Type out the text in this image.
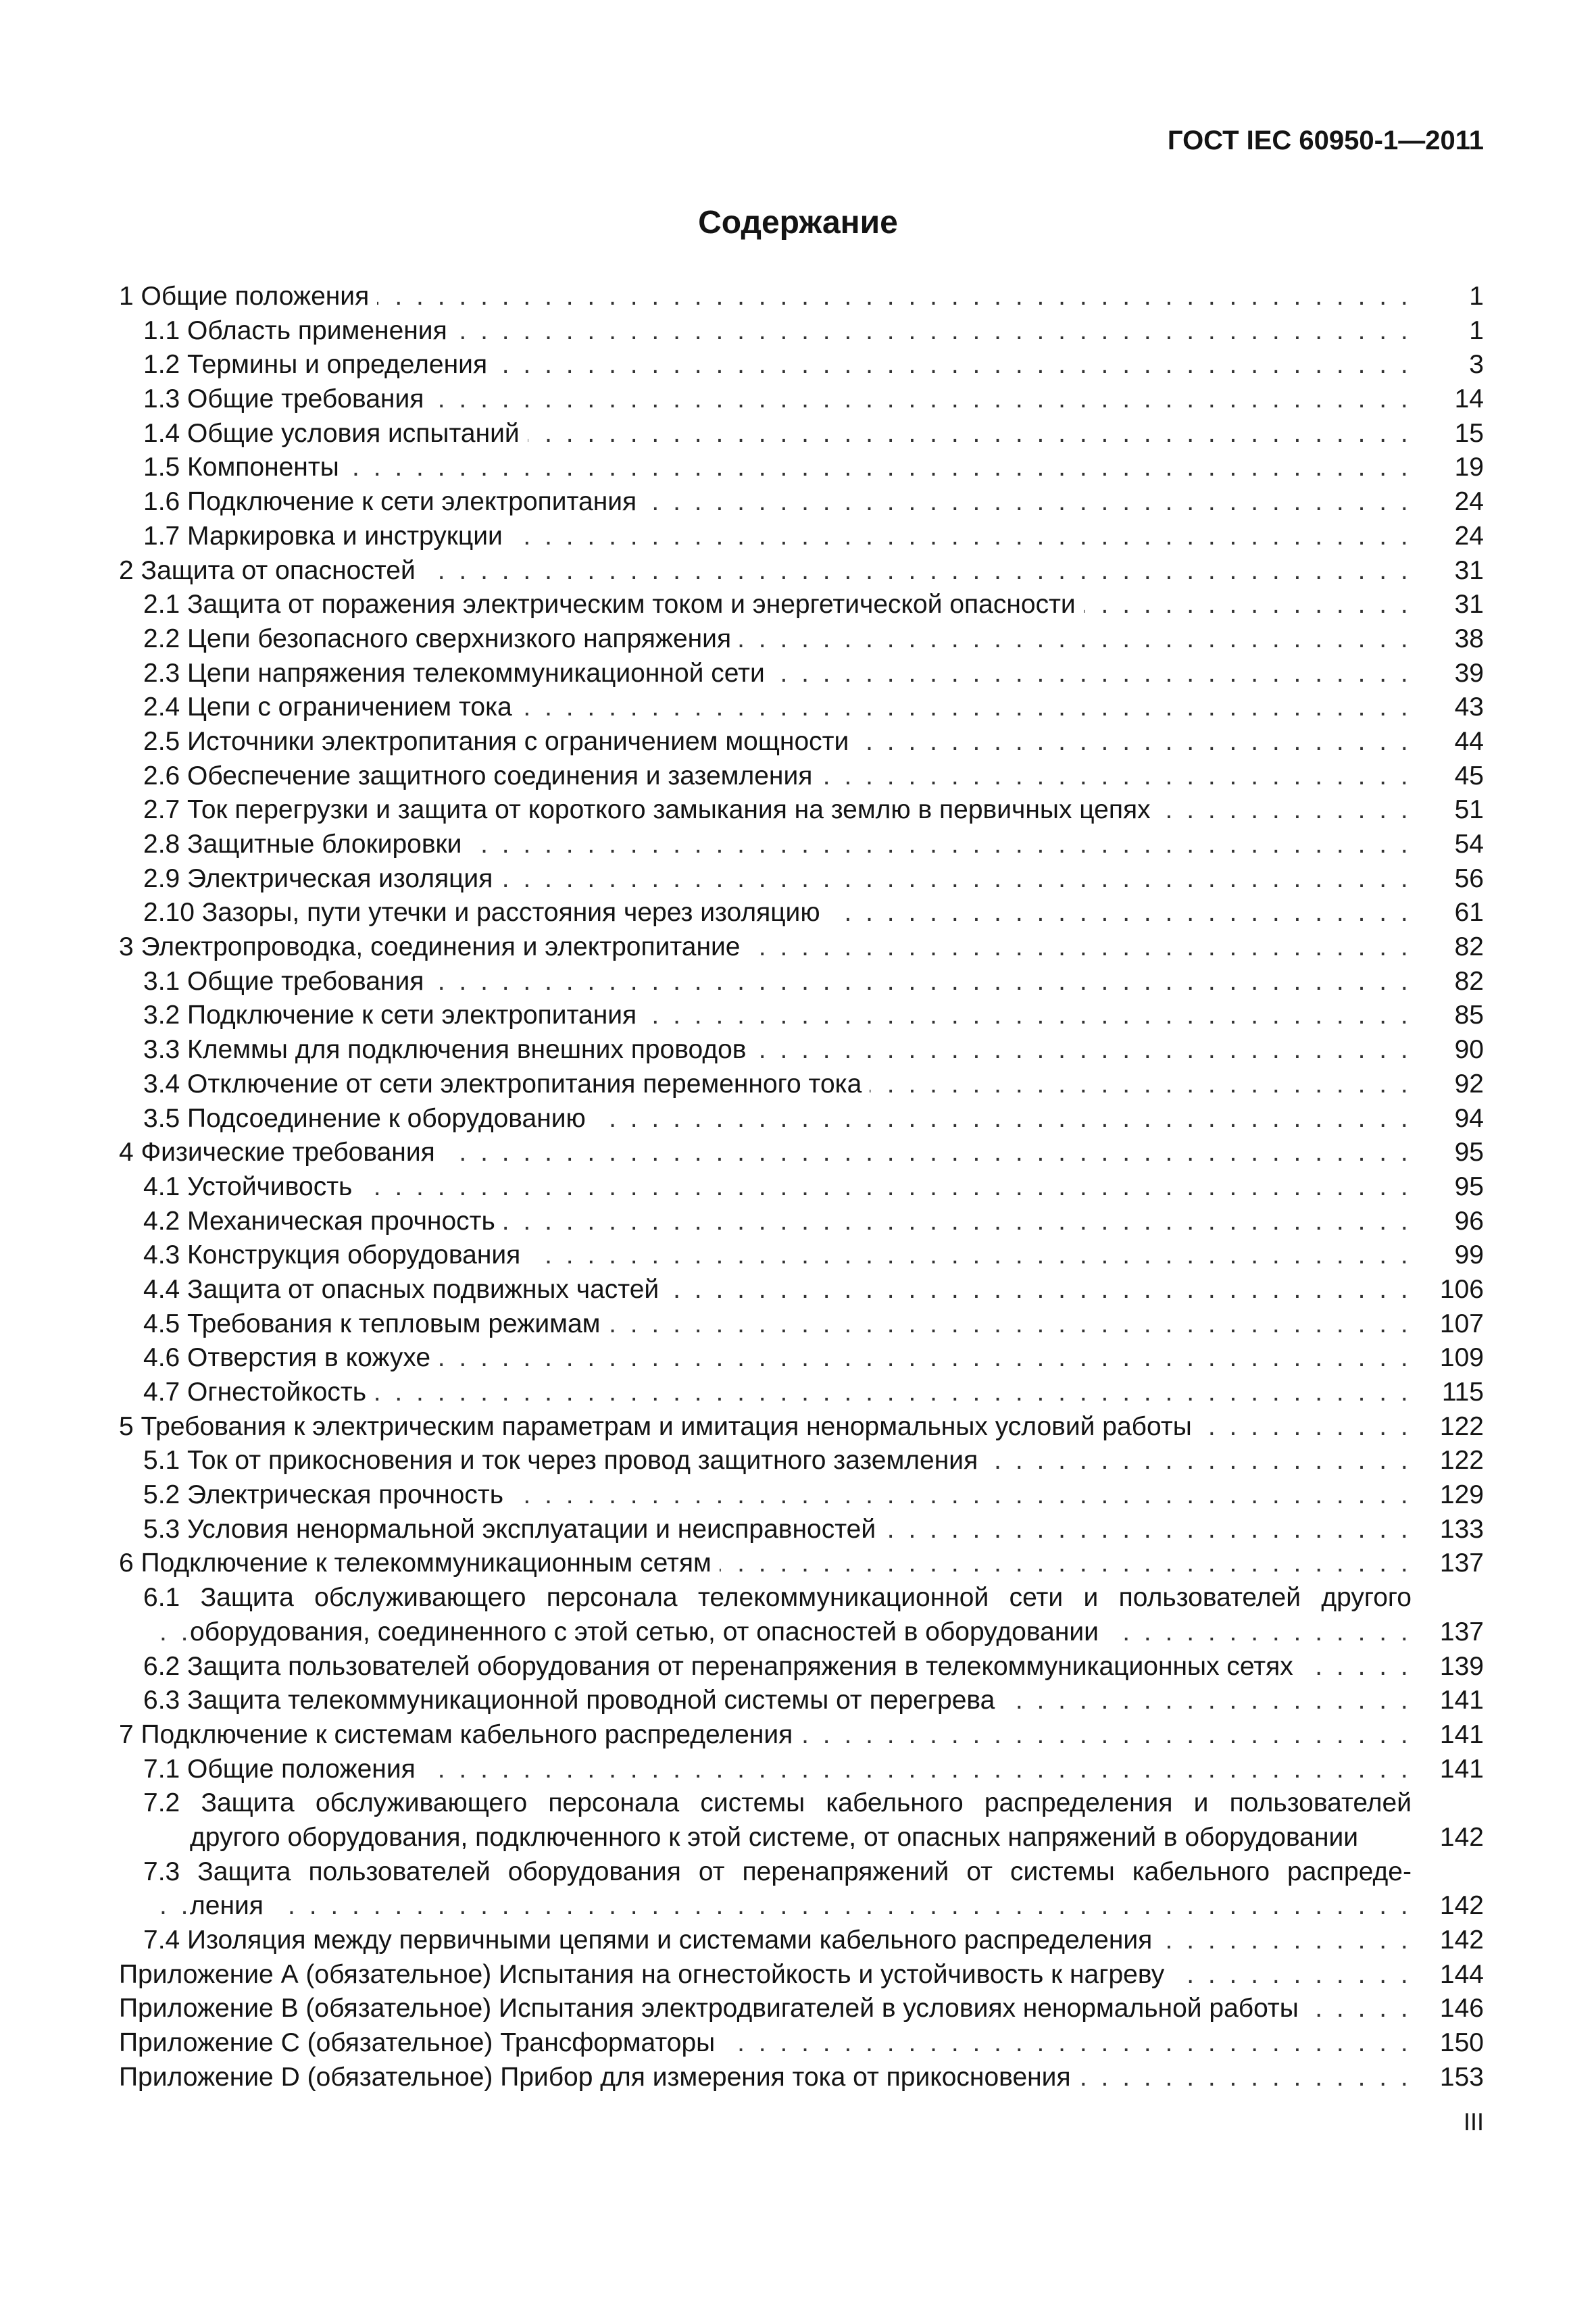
ГОСТ IEC 60950-1—2011
Содержание
1 Общие положения . . .	1
1.1 Область применения . . .	1
1.2 Термины и определения . . .	3
1.3 Общие требования . . .	14
1.4 Общие условия испытаний . . .	15
1.5 Компоненты . . .	19
1.6 Подключение к сети электропитания . . .	24
1.7 Маркировка и инструкции . . .	24
2 Защита от опасностей . . .	31
2.1 Защита от поражения электрическим током и энергетической опасности . . .	31
2.2 Цепи безопасного сверхнизкого напряжения . . .	38
2.3 Цепи напряжения телекоммуникационной сети . . .	39
2.4 Цепи с ограничением тока . . .	43
2.5 Источники электропитания с ограничением мощности . . .	44
2.6 Обеспечение защитного соединения и заземления . . .	45
2.7 Ток перегрузки и защита от короткого замыкания на землю в первичных цепях . . .	51
2.8 Защитные блокировки . . .	54
2.9 Электрическая изоляция . . .	56
2.10 Зазоры, пути утечки и расстояния через изоляцию . . .	61
3 Электропроводка, соединения и электропитание . . .	82
3.1 Общие требования . . .	82
3.2 Подключение к сети электропитания . . .	85
3.3 Клеммы для подключения внешних проводов . . .	90
3.4 Отключение от сети электропитания переменного тока . . .	92
3.5 Подсоединение к оборудованию . . .	94
4 Физические требования . . .	95
4.1 Устойчивость . . .	95
4.2 Механическая прочность . . .	96
4.3 Конструкция оборудования . . .	99
4.4 Защита от опасных подвижных частей . . .	106
4.5 Требования к тепловым режимам . . .	107
4.6 Отверстия в кожухе . . .	109
4.7 Огнестойкость . . .	115
5 Требования к электрическим параметрам и имитация ненормальных условий работы . . .	122
5.1 Ток от прикосновения и ток через провод защитного заземления . . .	122
5.2 Электрическая прочность . . .	129
5.3 Условия ненормальной эксплуатации и неисправностей . . .	133
6 Подключение к телекоммуникационным сетям . . .	137
6.1 Защита обслуживающего персонала телекоммуникационной сети и пользователей другого
оборудования, соединенного с этой сетью, от опасностей в оборудовании . . .	137
6.2 Защита пользователей оборудования от перенапряжения в телекоммуникационных сетях . . .	139
6.3 Защита телекоммуникационной проводной системы от перегрева . . .	141
7 Подключение к системам кабельного распределения . . .	141
7.1 Общие положения . . .	141
7.2 Защита обслуживающего персонала системы кабельного распределения и пользователей
другого оборудования, подключенного к этой системе, от опасных напряжений в оборудовании	142
7.3 Защита пользователей оборудования от перенапряжений от системы кабельного распреде-
ления . . .	142
7.4 Изоляция между первичными цепями и системами кабельного распределения . . .	142
Приложение А (обязательное) Испытания на огнестойкость и устойчивость к нагреву . . .	144
Приложение В (обязательное) Испытания электродвигателей в условиях ненормальной работы . . .	146
Приложение С (обязательное) Трансформаторы . . .	150
Приложение D (обязательное) Прибор для измерения тока от прикосновения . . .	153
III
